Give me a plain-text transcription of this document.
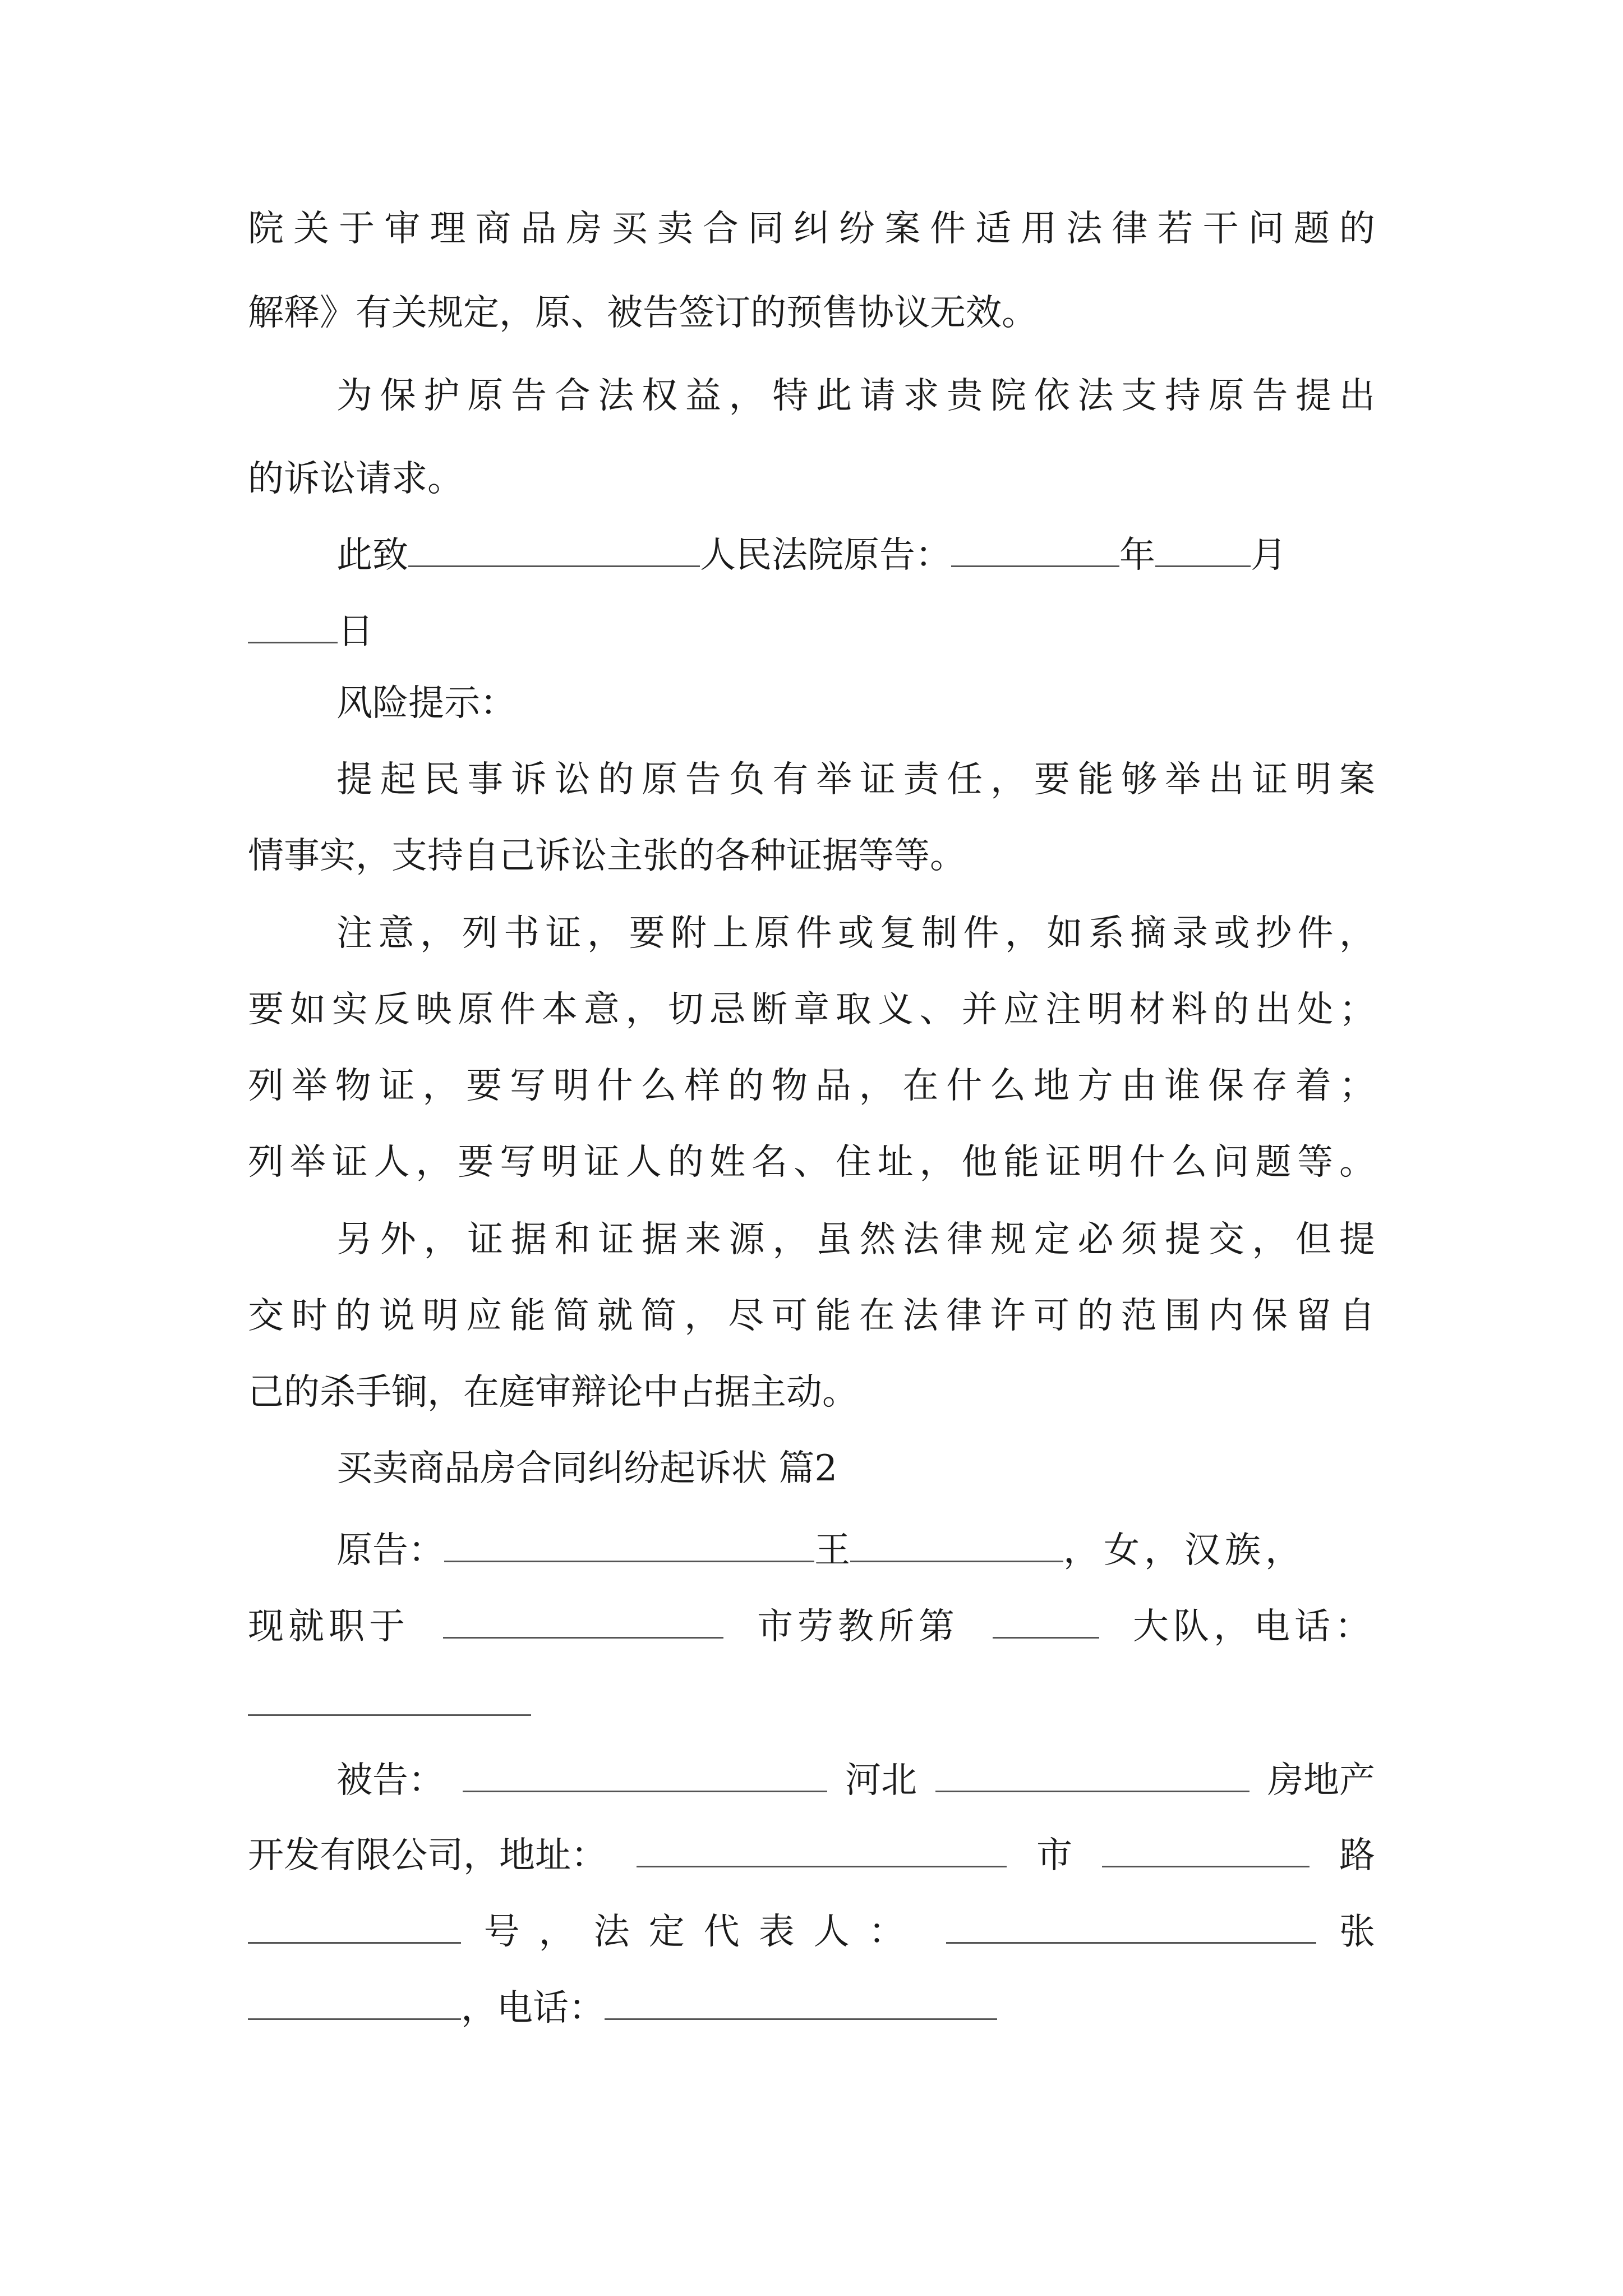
院 关 于 审 理 商 品 房 买 卖 合 同 纠 纷 案 件 适 用 法 律 若 干 问 题 的
解释》有关规定，原、被告签订的预售协议无效。
为 保 护 原 告 合 法 权 益 ， 特 此 请 求 贵 院 依 法 支 持 原 告 提 出
的诉讼请求。
此致	人民法院原告：	年	月
日
风险提示：
提 起 民 事 诉 讼 的 原 告 负 有 举 证 责 任 ， 要 能 够 举 出 证 明 案
情事实，支持自己诉讼主张的各种证据等等。
注 意 ， 列 书 证 ， 要 附 上 原 件 或 复 制 件 ， 如 系 摘 录 或 抄 件 ，
要 如 实 反 映 原 件 本 意 ， 切 忌 断 章 取 义 、 并 应 注 明 材 料 的 出 处 ；
列 举 物 证 ， 要 写 明 什 么 样 的 物 品 ， 在 什 么 地 方 由 谁 保 存 着 ；
列 举 证 人 ， 要 写 明 证 人 的 姓 名 、 住 址 ， 他 能 证 明 什 么 问 题 等 。
另 外 ， 证 据 和 证 据 来 源 ， 虽 然 法 律 规 定 必 须 提 交 ， 但 提
交 时 的 说 明 应 能 简 就 简 ， 尽 可 能 在 法 律 许 可 的 范 围 内 保 留 自
己的杀手锏，在庭审辩论中占据主动。
买卖商品房合同纠纷起诉状 篇2
原告：	王	，女，汉族，
现就职于	市劳教所第	大队，电话：
被告：	河北	房地产
开发有限公司，地址：	市	路
号，法定代表人：	张
，电话：
